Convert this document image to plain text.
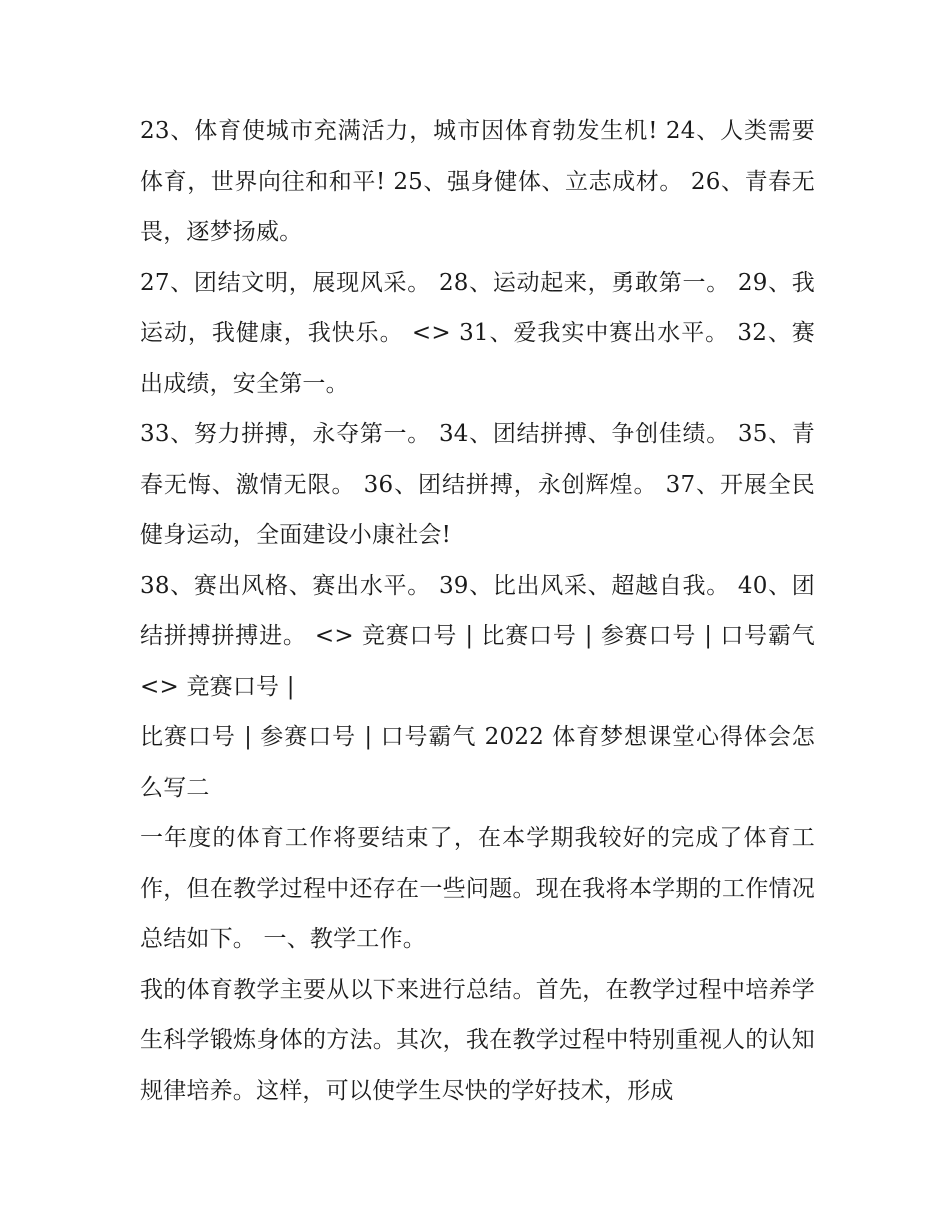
23、体育使城市充满活力，城市因体育勃发生机! 24、人类需要体育，世界向往和和平! 25、强身健体、立志成材。 26、青春无畏，逐梦扬威。

27、团结文明，展现风采。 28、运动起来，勇敢第一。 29、我运动，我健康，我快乐。 <> 31、爱我实中赛出水平。 32、赛出成绩，安全第一。

33、努力拼搏，永夺第一。 34、团结拼搏、争创佳绩。 35、青春无悔、激情无限。 36、团结拼搏，永创辉煌。 37、开展全民健身运动，全面建设小康社会!

38、赛出风格、赛出水平。 39、比出风采、超越自我。 40、团结拼搏拼搏进。 <> 竞赛口号 | 比赛口号 | 参赛口号 | 口号霸气 <> 竞赛口号 |

比赛口号 | 参赛口号 | 口号霸气 2022 体育梦想课堂心得体会怎么写二

一年度的体育工作将要结束了，在本学期我较好的完成了体育工作，但在教学过程中还存在一些问题。现在我将本学期的工作情况总结如下。 一、教学工作。

我的体育教学主要从以下来进行总结。首先，在教学过程中培养学生科学锻炼身体的方法。其次，我在教学过程中特别重视人的认知规律培养。这样，可以使学生尽快的学好技术，形成
